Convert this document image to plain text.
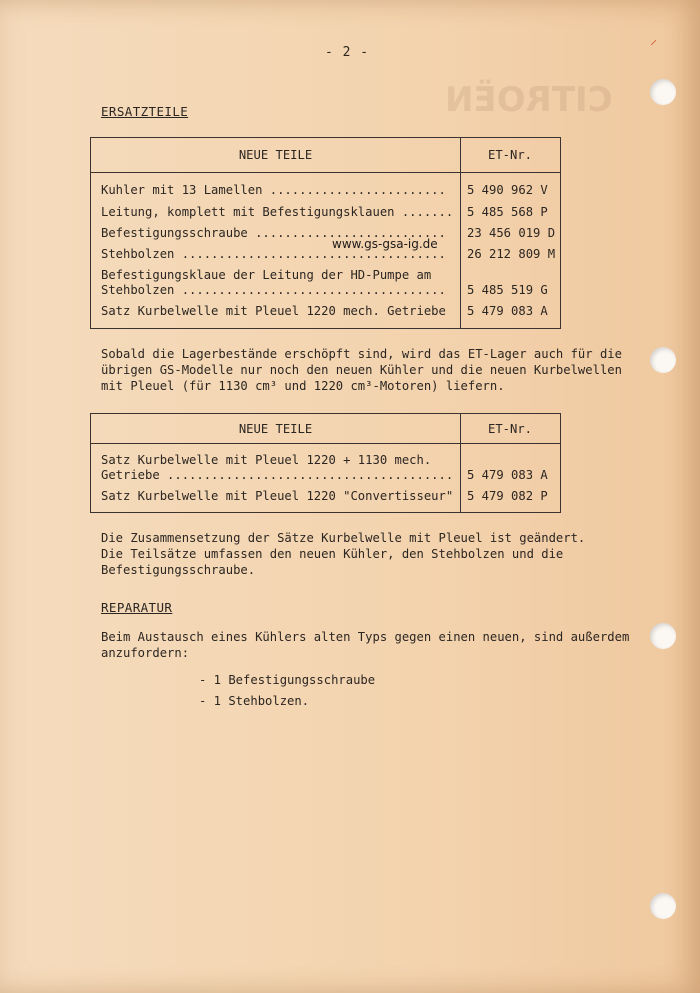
CITROËN
⸍
- 2 -
ERSATZTEILE
NEUE TEILE	ET-Nr.
Kuhler mit 13 Lamellen ........................ 5 490 962 V
Leitung, komplett mit Befestigungsklauen ....... 5 485 568 P
Befestigungsschraube .......................... 23 456 019 D
Stehbolzen .................................... 26 212 809 M
Befestigungsklaue der Leitung der HD-Pumpe am
Stehbolzen .................................... 5 485 519 G
Satz Kurbelwelle mit Pleuel 1220 mech. Getriebe 5 479 083 A
www.gs-gsa-ig.de
Sobald die Lagerbestände erschöpft sind, wird das ET-Lager auch für die
übrigen GS-Modelle nur noch den neuen Kühler und die neuen Kurbelwellen
mit Pleuel (für 1130 cm³ und 1220 cm³-Motoren) liefern.
NEUE TEILE	ET-Nr.
Satz Kurbelwelle mit Pleuel 1220 + 1130 mech.
Getriebe ....................................... 5 479 083 A
Satz Kurbelwelle mit Pleuel 1220 "Convertisseur" 5 479 082 P
Die Zusammensetzung der Sätze Kurbelwelle mit Pleuel ist geändert.
Die Teilsätze umfassen den neuen Kühler, den Stehbolzen und die
Befestigungsschraube.
REPARATUR
Beim Austausch eines Kühlers alten Typs gegen einen neuen, sind außerdem
anzufordern:
- 1 Befestigungsschraube
- 1 Stehbolzen.
